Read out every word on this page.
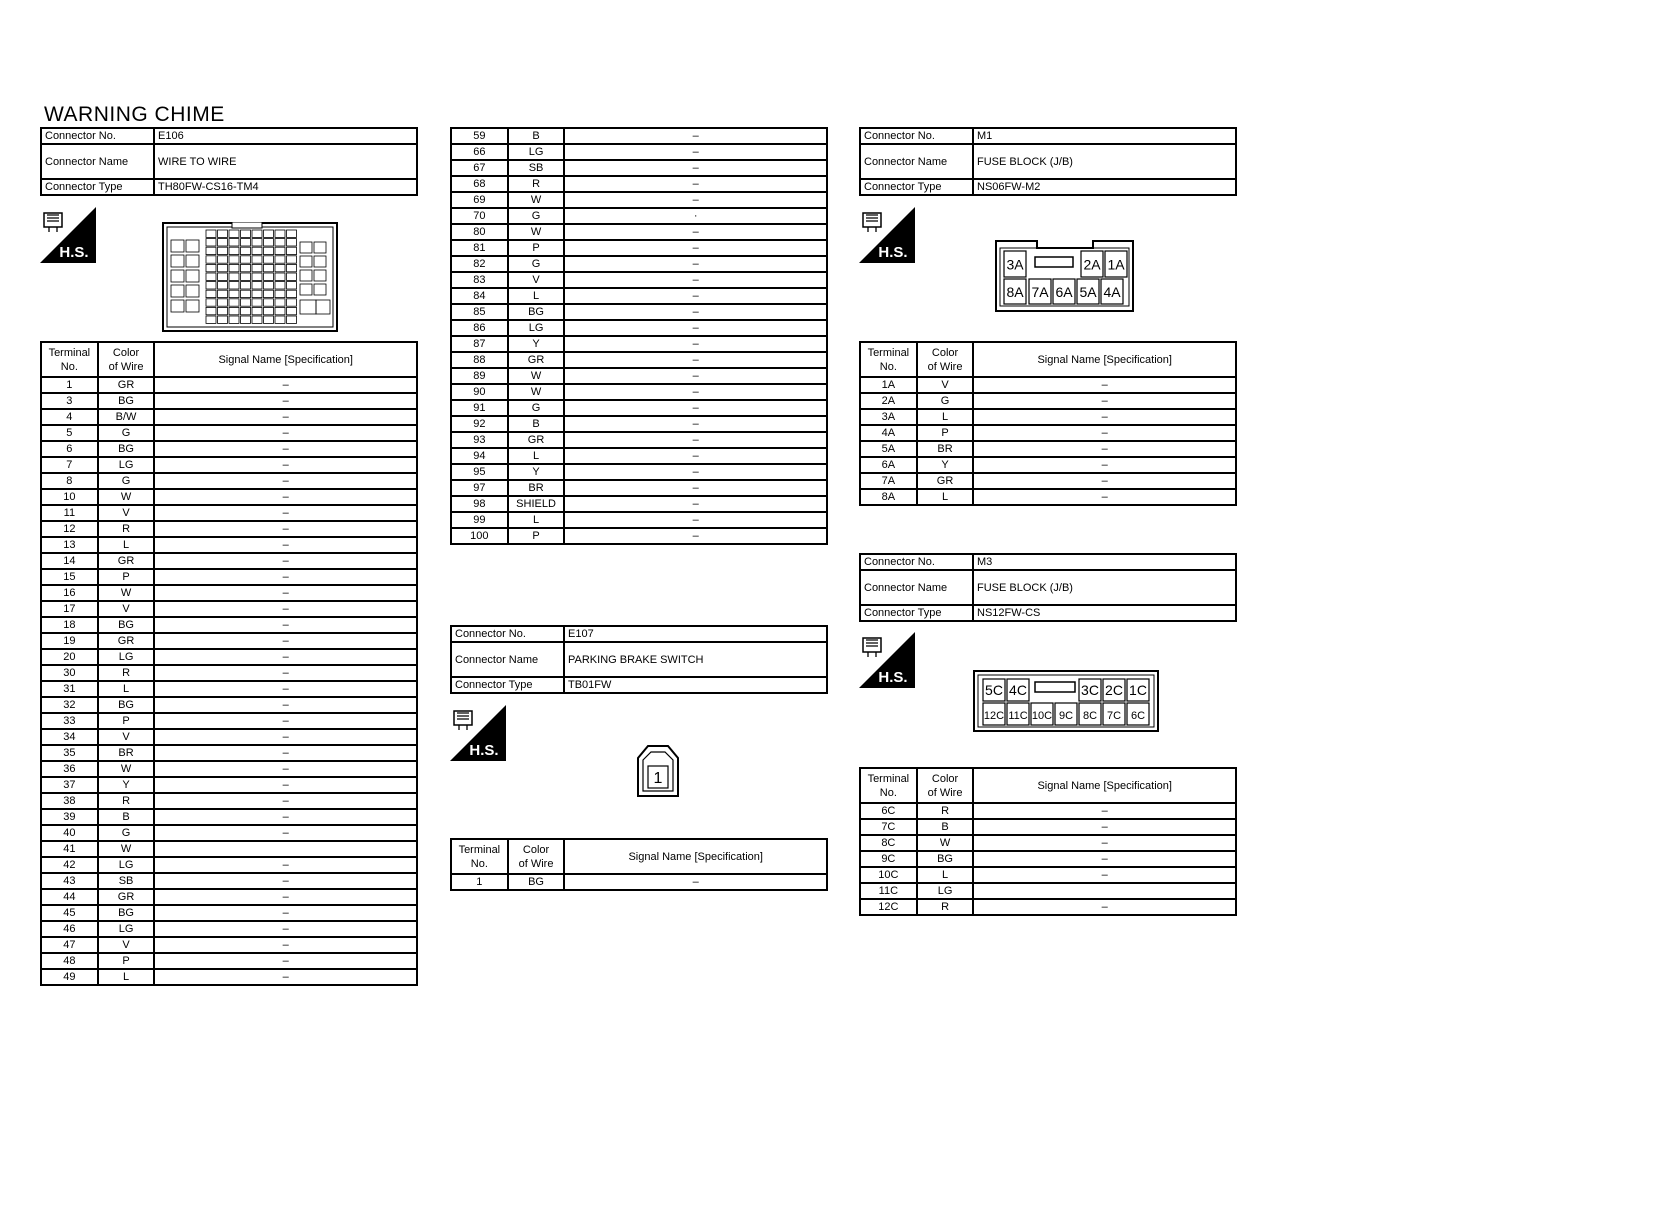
WARNING CHIME
Connector No.	E106
Connector Name	WIRE TO WIRE
Connector Type	TH80FW-CS16-TM4
H.S.
Terminal
No.	Color
of Wire	Signal Name [Specification]
1	GR	–
3	BG	–
4	B/W	–
5	G	–
6	BG	–
7	LG	–
8	G	–
10	W	–
11	V	–
12	R	–
13	L	–
14	GR	–
15	P	–
16	W	–
17	V	–
18	BG	–
19	GR	–
20	LG	–
30	R	–
31	L	–
32	BG	–
33	P	–
34	V	–
35	BR	–
36	W	–
37	Y	–
38	R	–
39	B	–
40	G	–
41	W	
42	LG	–
43	SB	–
44	GR	–
45	BG	–
46	LG	–
47	V	–
48	P	–
49	L	–
59	B	–
66	LG	–
67	SB	–
68	R	–
69	W	–
70	G	·
80	W	–
81	P	–
82	G	–
83	V	–
84	L	–
85	BG	–
86	LG	–
87	Y	–
88	GR	–
89	W	–
90	W	–
91	G	–
92	B	–
93	GR	–
94	L	–
95	Y	–
97	BR	–
98	SHIELD	–
99	L	–
100	P	–
Connector No.	E107
Connector Name	PARKING BRAKE SWITCH
Connector Type	TB01FW
H.S.
1
Terminal
No.	Color
of Wire	Signal Name [Specification]
1	BG	–
Connector No.	M1
Connector Name	FUSE BLOCK (J/B)
Connector Type	NS06FW-M2
H.S.
3A	2A 1A
8A 7A 6A 5A 4A
Terminal
No.	Color
of Wire	Signal Name [Specification]
1A	V	–
2A	G	–
3A	L	–
4A	P	–
5A	BR	–
6A	Y	–
7A	GR	–
8A	L	–
Connector No.	M3
Connector Name	FUSE BLOCK (J/B)
Connector Type	NS12FW-CS
H.S.
5C 4C	3C 2C 1C
12C 11C 10C 9C 8C 7C 6C
Terminal
No.	Color
of Wire	Signal Name [Specification]
6C	R	–
7C	B	–
8C	W	–
9C	BG	–
10C	L	–
11C	LG	
12C	R	–
